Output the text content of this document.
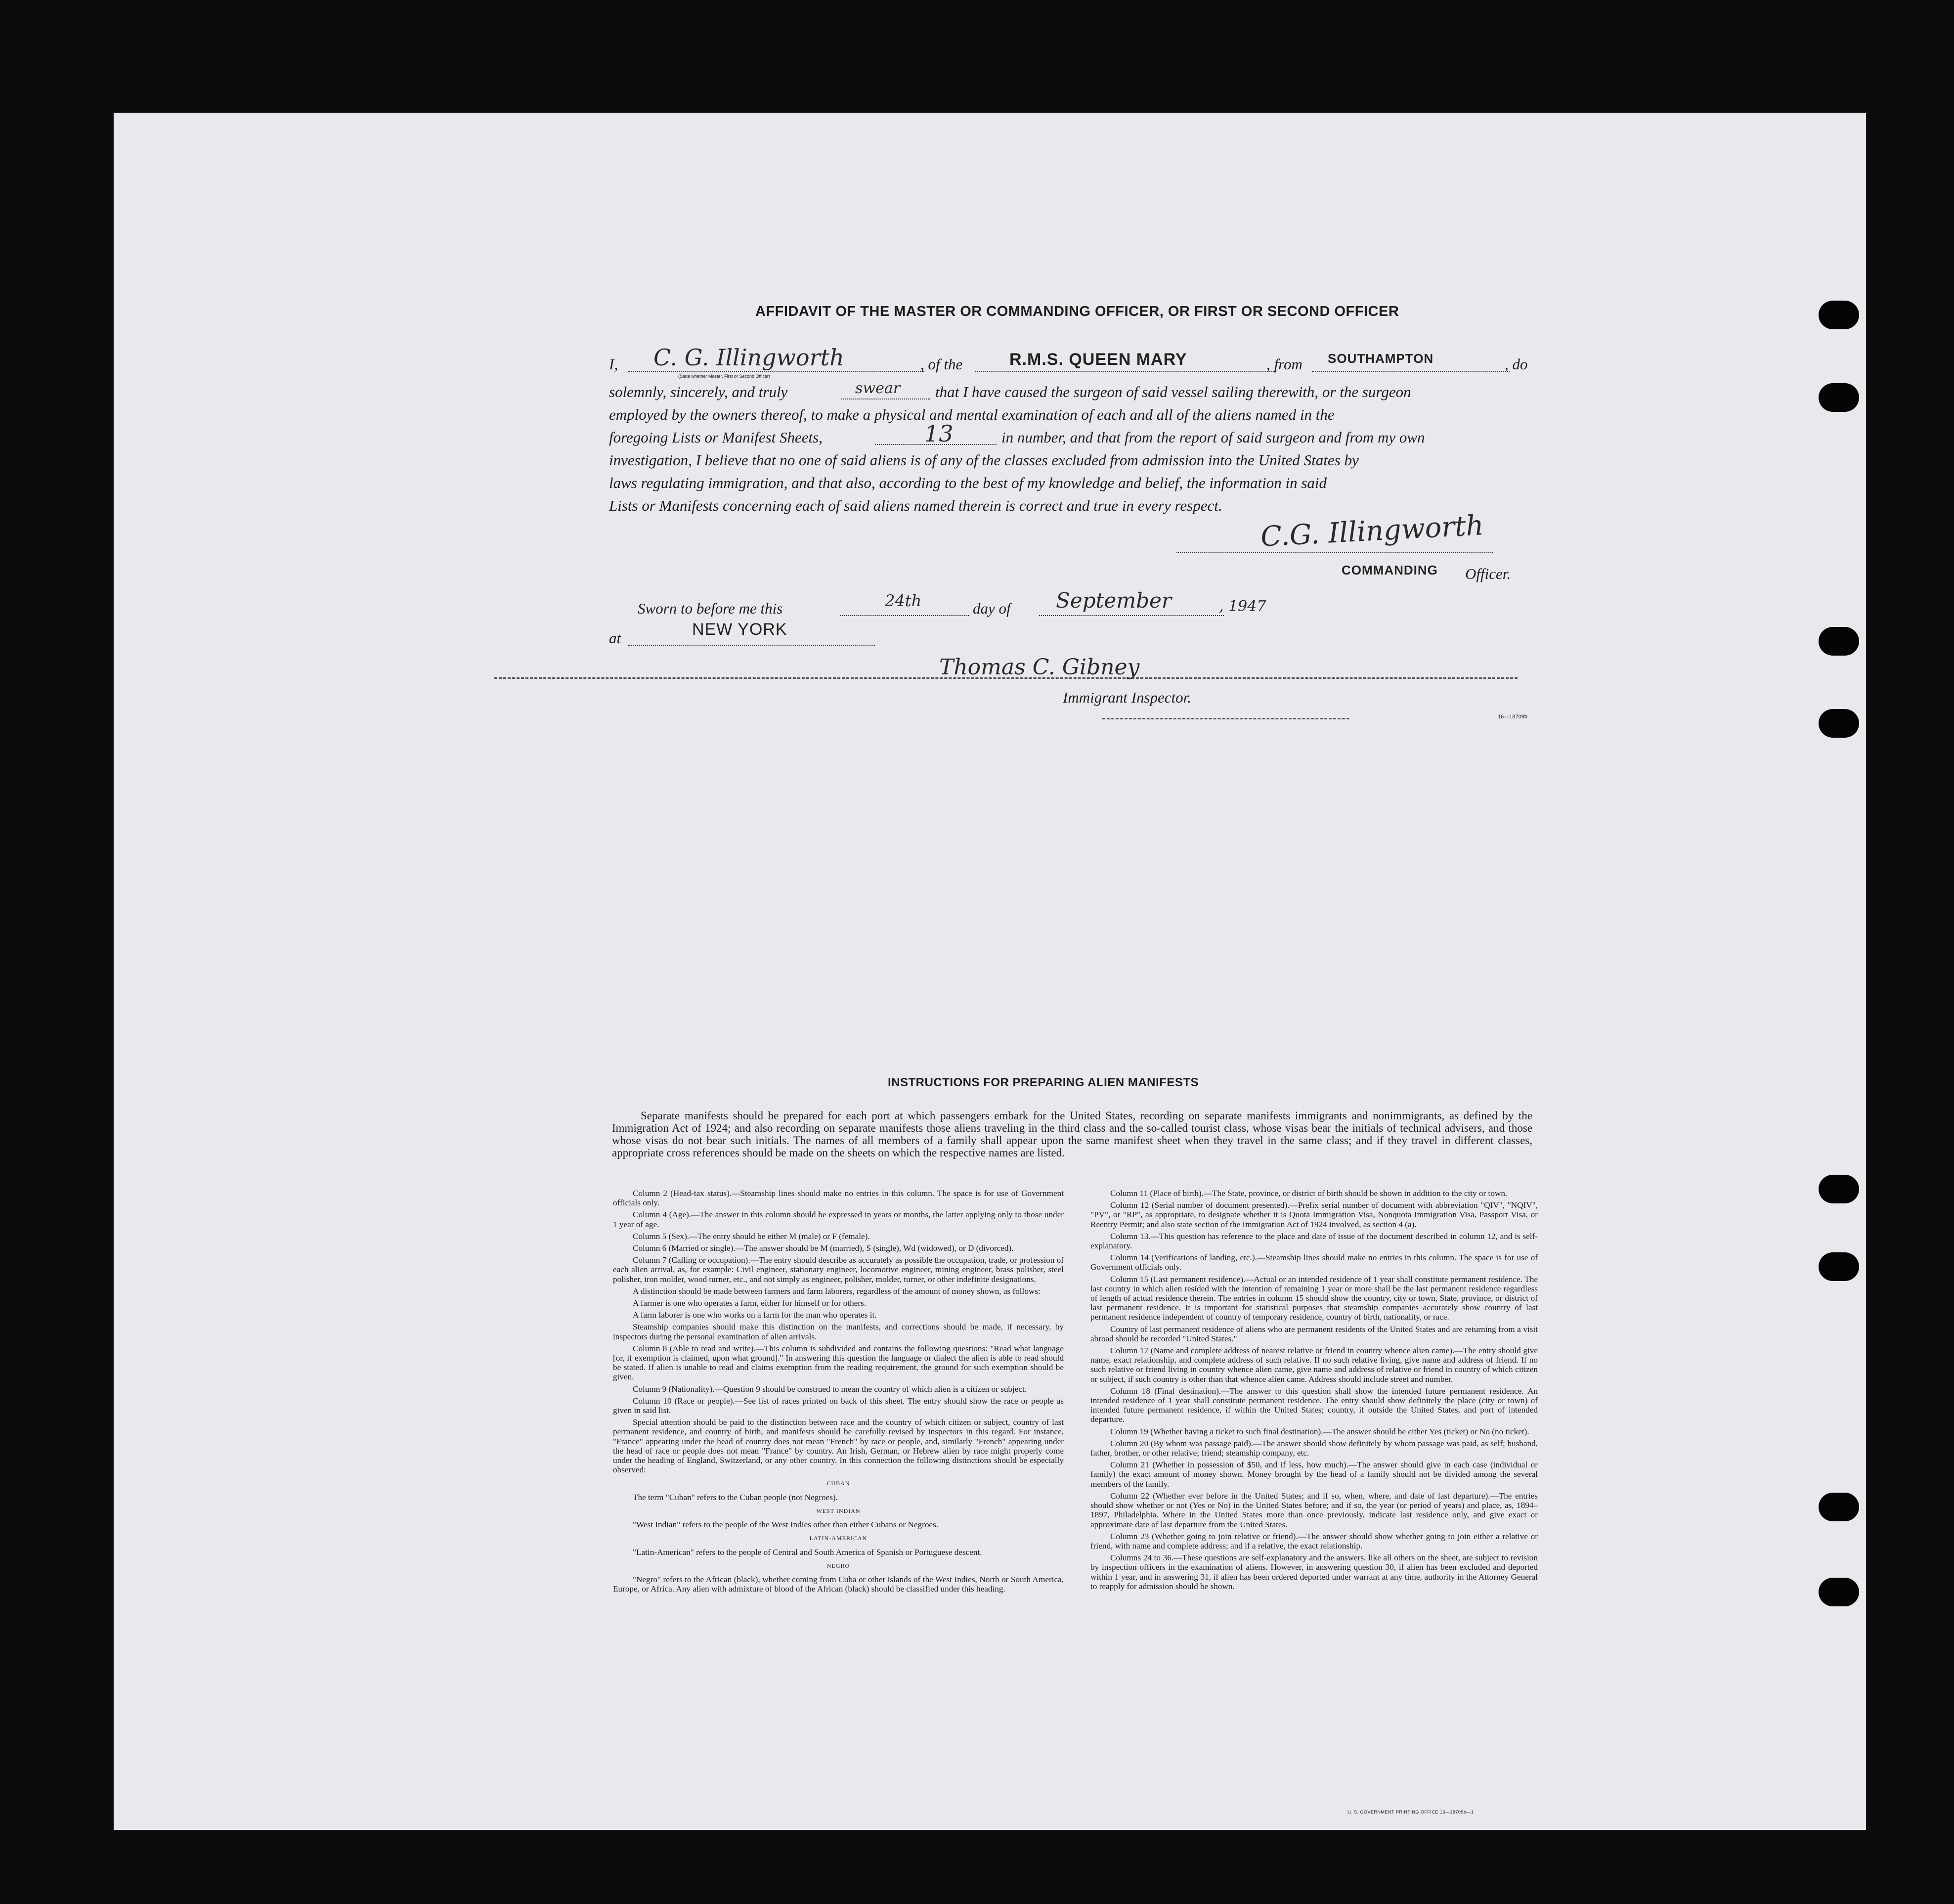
AFFIDAVIT OF THE MASTER OR COMMANDING OFFICER, OR FIRST OR SECOND OFFICER
I, C. G. Illingworth
(State whether Master, First or Second Officer)
, of the	R.M.S. QUEEN MARY	, from SOUTHAMPTON	, do
solemnly, sincerely, and truly	swear that I have caused the surgeon of said vessel sailing therewith, or the surgeon
employed by the owners thereof, to make a physical and mental examination of each and all of the aliens named in the
foregoing Lists or Manifest Sheets,	13	in number, and that from the report of said surgeon and from my own
investigation, I believe that no one of said aliens is of any of the classes excluded from admission into the United States by
laws regulating immigration, and that also, according to the best of my knowledge and belief, the information in said
Lists or Manifests concerning each of said aliens named therein is correct and true in every respect.
C.G. Illingworth
COMMANDING Officer.
Sworn to before me this	24th	day of September	, 1947
at	NEW YORK
Thomas C. Gibney
Immigrant Inspector.
16—18709b
INSTRUCTIONS FOR PREPARING ALIEN MANIFESTS
Separate manifests should be prepared for each port at which passengers embark for the United States, recording on separate manifests immigrants and nonimmigrants, as defined by the Immigration Act of 1924; and also recording on separate manifests those aliens traveling in the third class and the so-called tourist class, whose visas bear the initials of technical advisers, and those whose visas do not bear such initials. The names of all members of a family shall appear upon the same manifest sheet when they travel in the same class; and if they travel in different classes, appropriate cross references should be made on the sheets on which the respective names are listed.

Column 2 (Head-tax status).—Steamship lines should make no entries in this column. The space is for use of Government officials only.

Column 4 (Age).—The answer in this column should be expressed in years or months, the latter applying only to those under 1 year of age.

Column 5 (Sex).—The entry should be either M (male) or F (female).

Column 6 (Married or single).—The answer should be M (married), S (single), Wd (widowed), or D (divorced).

Column 7 (Calling or occupation).—The entry should describe as accurately as possible the occupation, trade, or profession of each alien arrival, as, for example: Civil engineer, stationary engineer, locomotive engineer, mining engineer, brass polisher, steel polisher, iron molder, wood turner, etc., and not simply as engineer, polisher, molder, turner, or other indefinite designations.

A distinction should be made between farmers and farm laborers, regardless of the amount of money shown, as follows:

A farmer is one who operates a farm, either for himself or for others.

A farm laborer is one who works on a farm for the man who operates it.

Steamship companies should make this distinction on the manifests, and corrections should be made, if necessary, by inspectors during the personal examination of alien arrivals.

Column 8 (Able to read and write).—This column is subdivided and contains the following questions: "Read what language [or, if exemption is claimed, upon what ground]." In answering this question the language or dialect the alien is able to read should be stated. If alien is unable to read and claims exemption from the reading requirement, the ground for such exemption should be given.

Column 9 (Nationality).—Question 9 should be construed to mean the country of which alien is a citizen or subject.

Column 10 (Race or people).—See list of races printed on back of this sheet. The entry should show the race or people as given in said list.

Special attention should be paid to the distinction between race and the country of which citizen or subject, country of last permanent residence, and country of birth, and manifests should be carefully revised by inspectors in this regard. For instance, "France" appearing under the head of country does not mean "French" by race or people, and, similarly "French" appearing under the head of race or people does not mean "France" by country. An Irish, German, or Hebrew alien by race might properly come under the heading of England, Switzerland, or any other country. In this connection the following distinctions should be especially observed:

CUBAN

The term "Cuban" refers to the Cuban people (not Negroes).

WEST INDIAN

"West Indian" refers to the people of the West Indies other than either Cubans or Negroes.

LATIN-AMERICAN

"Latin-American" refers to the people of Central and South America of Spanish or Portuguese descent.

NEGRO

"Negro" refers to the African (black), whether coming from Cuba or other islands of the West Indies, North or South America, Europe, or Africa. Any alien with admixture of blood of the African (black) should be classified under this heading.

Column 11 (Place of birth).—The State, province, or district of birth should be shown in addition to the city or town.

Column 12 (Serial number of document presented).—Prefix serial number of document with abbreviation "QIV", "NQIV", "PV", or "RP", as appropriate, to designate whether it is Quota Immigration Visa, Nonquota Immigration Visa, Passport Visa, or Reentry Permit; and also state section of the Immigration Act of 1924 involved, as section 4 (a).

Column 13.—This question has reference to the place and date of issue of the document described in column 12, and is self-explanatory.

Column 14 (Verifications of landing, etc.).—Steamship lines should make no entries in this column. The space is for use of Government officials only.

Column 15 (Last permanent residence).—Actual or an intended residence of 1 year shall constitute permanent residence. The last country in which alien resided with the intention of remaining 1 year or more shall be the last permanent residence regardless of length of actual residence therein. The entries in column 15 should show the country, city or town, State, province, or district of last permanent residence. It is important for statistical purposes that steamship companies accurately show country of last permanent residence independent of country of temporary residence, country of birth, nationality, or race.

Country of last permanent residence of aliens who are permanent residents of the United States and are returning from a visit abroad should be recorded "United States."

Column 17 (Name and complete address of nearest relative or friend in country whence alien came).—The entry should give name, exact relationship, and complete address of such relative. If no such relative living, give name and address of friend. If no such relative or friend living in country whence alien came, give name and address of relative or friend in country of which citizen or subject, if such country is other than that whence alien came. Address should include street and number.

Column 18 (Final destination).—The answer to this question shall show the intended future permanent residence. An intended residence of 1 year shall constitute permanent residence. The entry should show definitely the place (city or town) of intended future permanent residence, if within the United States; country, if outside the United States, and port of intended departure.

Column 19 (Whether having a ticket to such final destination).—The answer should be either Yes (ticket) or No (no ticket).

Column 20 (By whom was passage paid).—The answer should show definitely by whom passage was paid, as self; husband, father, brother, or other relative; friend; steamship company, etc.

Column 21 (Whether in possession of $50, and if less, how much).—The answer should give in each case (individual or family) the exact amount of money shown. Money brought by the head of a family should not be divided among the several members of the family.

Column 22 (Whether ever before in the United States; and if so, when, where, and date of last departure).—The entries should show whether or not (Yes or No) in the United States before; and if so, the year (or period of years) and place, as, 1894–1897, Philadelphia. Where in the United States more than once previously, indicate last residence only, and give exact or approximate date of last departure from the United States.

Column 23 (Whether going to join relative or friend).—The answer should show whether going to join either a relative or friend, with name and complete address; and if a relative, the exact relationship.

Columns 24 to 36.—These questions are self-explanatory and the answers, like all others on the sheet, are subject to revision by inspection officers in the examination of aliens. However, in answering question 30, if alien has been excluded and deported within 1 year, and in answering 31, if alien has been ordered deported under warrant at any time, authority in the Attorney General to reapply for admission should be shown.

U. S. GOVERNMENT PRINTING OFFICE 16—18709b—1
